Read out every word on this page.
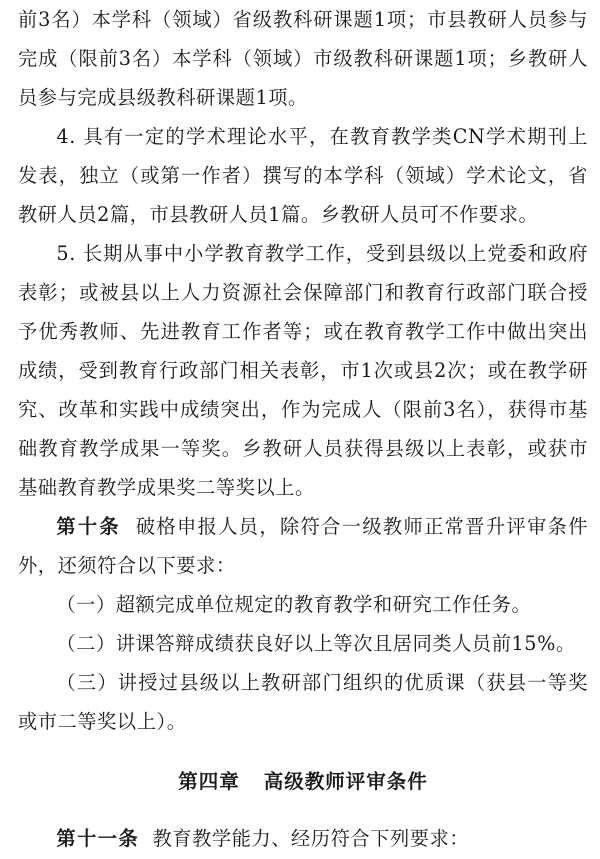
前3名）本学科（领域）省级教科研课题1项；市县教研人员参与完成（限前3名）本学科（领域）市级教科研课题1项；乡教研人员参与完成县级教科研课题1项。

4. 具有一定的学术理论水平，在教育教学类CN学术期刊上发表，独立（或第一作者）撰写的本学科（领域）学术论文，省教研人员2篇，市县教研人员1篇。乡教研人员可不作要求。

5. 长期从事中小学教育教学工作，受到县级以上党委和政府表彰；或被县以上人力资源社会保障部门和教育行政部门联合授予优秀教师、先进教育工作者等；或在教育教学工作中做出突出成绩，受到教育行政部门相关表彰，市1次或县2次；或在教学研究、改革和实践中成绩突出，作为完成人（限前3名），获得市基础教育教学成果一等奖。乡教研人员获得县级以上表彰，或获市基础教育教学成果奖二等奖以上。

第十条 破格申报人员，除符合一级教师正常晋升评审条件外，还须符合以下要求：

（一）超额完成单位规定的教育教学和研究工作任务。

（二）讲课答辩成绩获良好以上等次且居同类人员前15%。

（三）讲授过县级以上教研部门组织的优质课（获县一等奖或市二等奖以上）。

第四章 高级教师评审条件

第十一条 教育教学能力、经历符合下列要求：
